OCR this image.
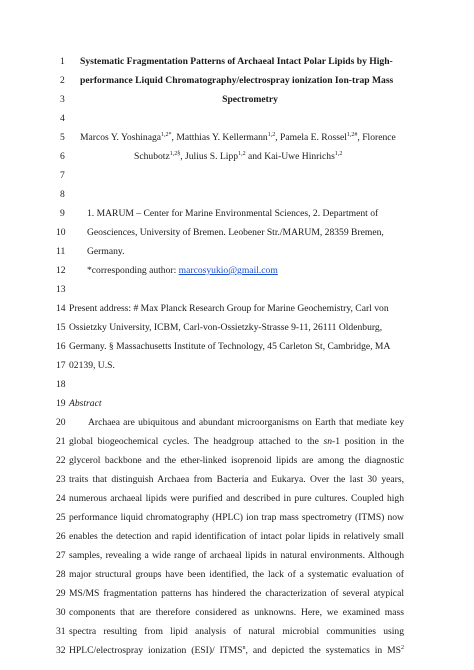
1 Systematic Fragmentation Patterns of Archaeal Intact Polar Lipids by High-
2 performance Liquid Chromatography/electrospray ionization Ion-trap Mass
3	Spectrometry
4
5 Marcos Y. Yoshinaga$^{1,2*}$, Matthias Y. Kellermann$^{1,2}$, Pamela E. Rossel$^{1,2\#}$, Florence
6	Schubotz$^{1,2\S}$, Julius S. Lipp$^{1,2}$ and Kai-Uwe Hinrichs$^{1,2}$
7
8
9 1. MARUM – Center for Marine Environmental Sciences, 2. Department of
10 Geosciences, University of Bremen. Leobener Str./MARUM, 28359 Bremen,
11 Germany.
12 *corresponding author: marcosyukio@gmail.com
13
14 Present address: # Max Planck Research Group for Marine Geochemistry, Carl von
15 Ossietzky University, ICBM, Carl-von-Ossietzky-Strasse 9-11, 26111 Oldenburg,
16 Germany. § Massachusetts Institute of Technology, 45 Carleton St, Cambridge, MA
17 02139, U.S.
18
19 Abstract
20 Archaea are ubiquitous and abundant microorganisms on Earth that mediate key
21 global biogeochemical cycles. The headgroup attached to the sn-1 position in the
22 glycerol backbone and the ether-linked isoprenoid lipids are among the diagnostic
23 traits that distinguish Archaea from Bacteria and Eukarya. Over the last 30 years,
24 numerous archaeal lipids were purified and described in pure cultures. Coupled high
25 performance liquid chromatography (HPLC) ion trap mass spectrometry (ITMS) now
26 enables the detection and rapid identification of intact polar lipids in relatively small
27 samples, revealing a wide range of archaeal lipids in natural environments. Although
28 major structural groups have been identified, the lack of a systematic evaluation of
29 MS/MS fragmentation patterns has hindered the characterization of several atypical
30 components that are therefore considered as unknowns. Here, we examined mass
31 spectra resulting from lipid analysis of natural microbial communities using
32 HPLC/electrospray ionization (ESI)/ ITMS$^n$, and depicted the systematics in $MS^2$
